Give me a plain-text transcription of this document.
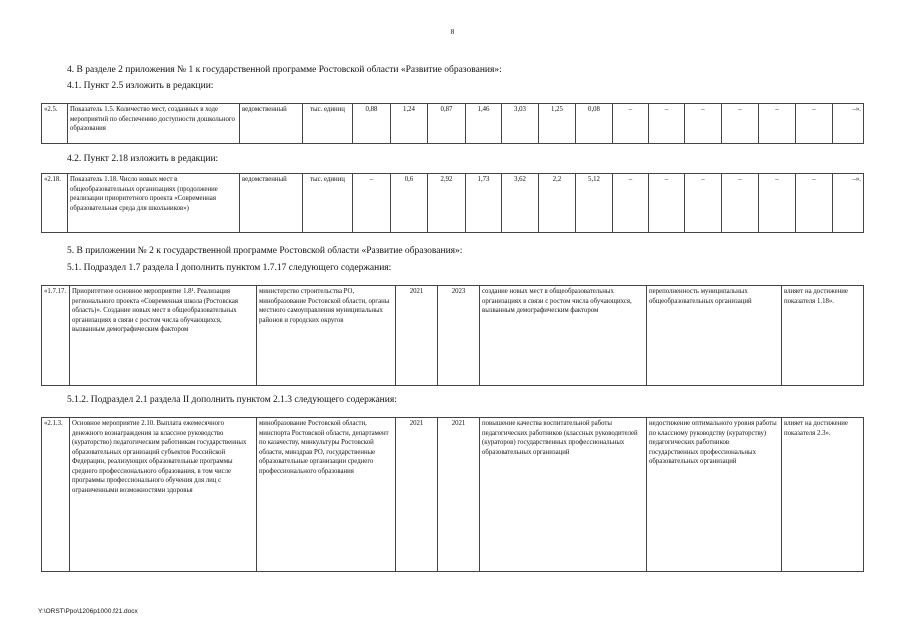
8
4. В разделе 2 приложения № 1 к государственной программе Ростовской области «Развитие образования»:
4.1. Пункт 2.5 изложить в редакции:
«2.5.	Показатель 1.5. Количество мест, созданных в ходе мероприятий по обеспечению доступности дошкольного образования	ведомственный	тыс. единиц	0,88	1,24	0,87	1,46	3,03	1,25	0,08	–	–	–	–	–	–	–».
4.2. Пункт 2.18 изложить в редакции:
«2.18.	Показатель 1.18. Число новых мест в общеобразовательных организациях (продолжение реализации приоритетного проекта «Современная образовательная среда для школьников»)	ведомственный	тыс. единиц	–	0,6	2,92	1,73	3,62	2,2	5,12	–	–	–	–	–	–	–».
5. В приложении № 2 к государственной программе Ростовской области «Развитие образования»:
5.1. Подраздел 1.7 раздела I дополнить пунктом 1.7.17 следующего содержания:
«1.7.17.	Приоритетное основное мероприятие 1.8¹. Реализация регионального проекта «Современная школа (Ростовская область)». Создание новых мест в общеобразовательных организациях в связи с ростом числа обучающихся, вызванным демографическим фактором	министерство строительства РО, минобразование Ростовской области, органы местного самоуправления муниципальных районов и городских округов	2021	2023	создание новых мест в общеобразовательных организациях в связи с ростом числа обучающихся, вызванным демографическим фактором	переполненность муниципальных общеобразовательных организаций	влияет на достижение показателя 1.18».
5.1.2. Подраздел 2.1 раздела II дополнить пунктом 2.1.3 следующего содержания:
«2.1.3.	Основное мероприятие 2.10. Выплата ежемесячного денежного вознаграждения за классное руководство (кураторство) педагогическим работникам государственных образовательных организаций субъектов Российской Федерации, реализующих образовательные программы среднего профессионального образования, в том числе программы профессионального обучения для лиц с ограниченными возможностями здоровья	минобразование Ростовской области, минспорта Ростовской области, департамент по казачеству, минкультуры Ростовской области, минздрав РО, государственные образовательные организации среднего профессионального образования	2021	2021	повышение качества воспитательной работы педагогических работников (классных руководителей (кураторов) государственных профессиональных образовательных организаций	недостижение оптимального уровня работы по классному руководству (кураторству) педагогических работников государственных профессиональных образовательных организаций	влияет на достижение показателя 2.3».
Y:\ORST\Ppo\1206p1000.f21.docx
